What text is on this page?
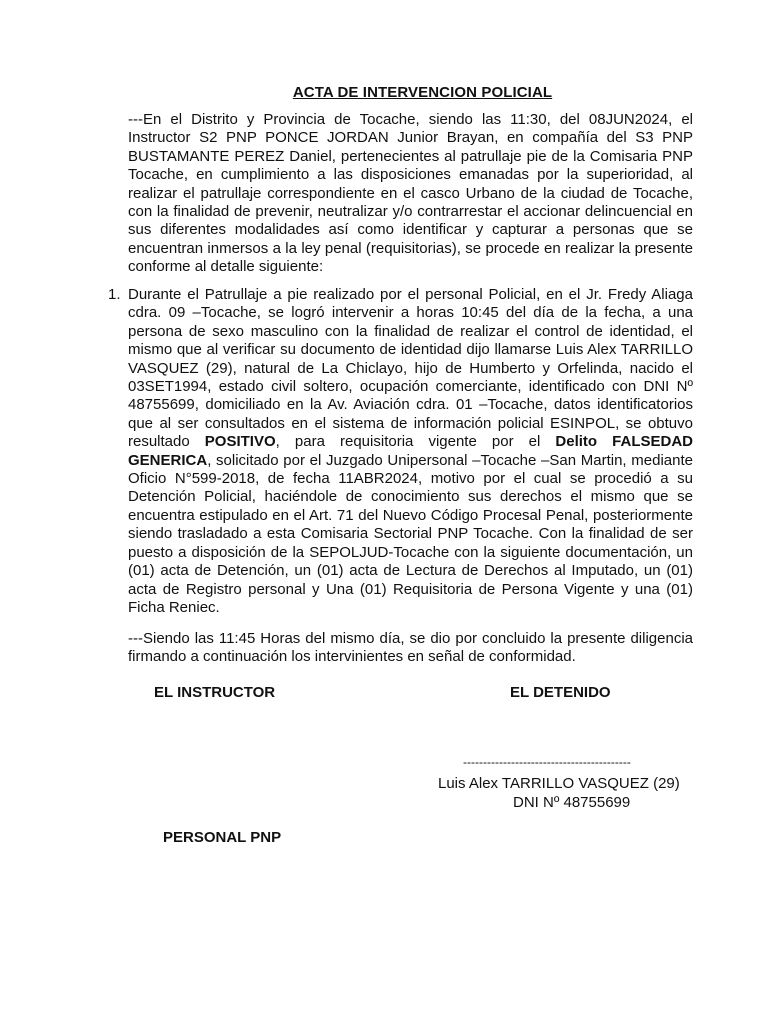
ACTA DE INTERVENCION POLICIAL
---En el Distrito y Provincia de Tocache, siendo las 11:30, del 08JUN2024, el Instructor S2 PNP PONCE JORDAN Junior Brayan, en compañía del S3 PNP BUSTAMANTE PEREZ Daniel, pertenecientes al patrullaje pie de la Comisaria PNP Tocache, en cumplimiento a las disposiciones emanadas por la superioridad, al realizar el patrullaje correspondiente en el casco Urbano de la ciudad de Tocache, con la finalidad de prevenir, neutralizar y/o contrarrestar el accionar delincuencial en sus diferentes modalidades así como identificar y capturar a personas que se encuentran inmersos a la ley penal (requisitorias), se procede en realizar la presente conforme al detalle siguiente:
1. Durante el Patrullaje a pie realizado por el personal Policial, en el Jr. Fredy Aliaga cdra. 09 –Tocache, se logró intervenir a horas 10:45 del día de la fecha, a una persona de sexo masculino con la finalidad de realizar el control de identidad, el mismo que al verificar su documento de identidad dijo llamarse Luis Alex TARRILLO VASQUEZ (29), natural de La Chiclayo, hijo de Humberto y Orfelinda, nacido el 03SET1994, estado civil soltero, ocupación comerciante, identificado con DNI Nº 48755699, domiciliado en la Av. Aviación cdra. 01 –Tocache, datos identificatorios que al ser consultados en el sistema de información policial ESINPOL, se obtuvo resultado POSITIVO, para requisitoria vigente por el Delito FALSEDAD GENERICA, solicitado por el Juzgado Unipersonal –Tocache –San Martin, mediante Oficio N°599-2018, de fecha 11ABR2024, motivo por el cual se procedió a su Detención Policial, haciéndole de conocimiento sus derechos el mismo que se encuentra estipulado en el Art. 71 del Nuevo Código Procesal Penal, posteriormente siendo trasladado a esta Comisaria Sectorial PNP Tocache. Con la finalidad de ser puesto a disposición de la SEPOLJUD-Tocache con la siguiente documentación, un (01) acta de Detención, un (01) acta de Lectura de Derechos al Imputado, un (01) acta de Registro personal y Una (01) Requisitoria de Persona Vigente y una (01) Ficha Reniec.
---Siendo las 11:45 Horas del mismo día, se dio por concluido la presente diligencia firmando a continuación los intervinientes en señal de conformidad.
EL INSTRUCTOR	EL DETENIDO
------------------------------------------
Luis Alex TARRILLO VASQUEZ (29)
DNI Nº 48755699
PERSONAL PNP
